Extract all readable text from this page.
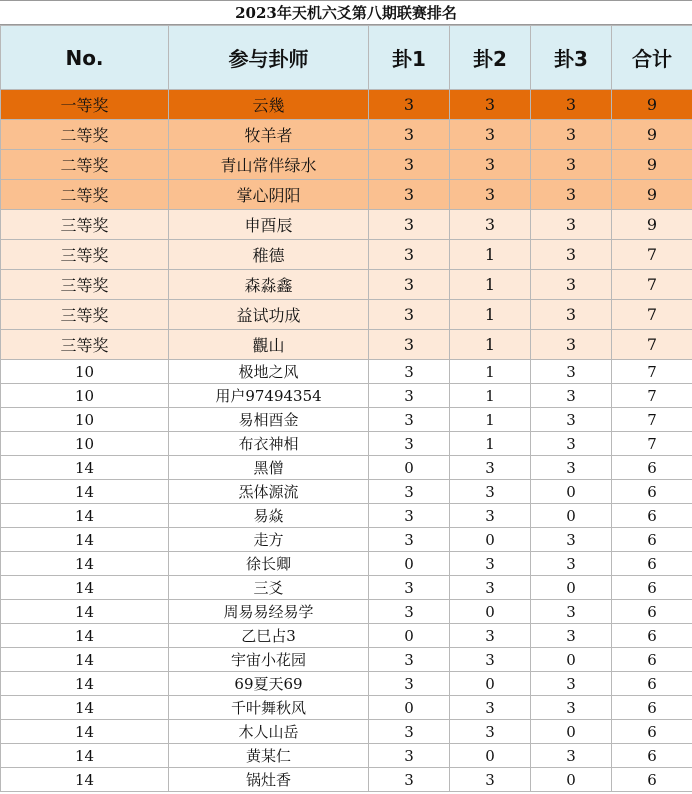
2023年天机六爻第八期联赛排名
No.	参与卦师	卦1	卦2	卦3	合计
一等奖	云幾	3	3	3	9
二等奖	牧羊者	3	3	3	9
二等奖	青山常伴绿水	3	3	3	9
二等奖	掌心阴阳	3	3	3	9
三等奖	申酉辰	3	3	3	9
三等奖	稚德	3	1	3	7
三等奖	森淼鑫	3	1	3	7
三等奖	益试功成	3	1	3	7
三等奖	觀山	3	1	3	7
10	极地之风	3	1	3	7
10	用户97494354	3	1	3	7
10	易相酉金	3	1	3	7
10	布衣神相	3	1	3	7
14	黑僧	0	3	3	6
14	炁体源流	3	3	0	6
14	易焱	3	3	0	6
14	走方	3	0	3	6
14	徐长卿	0	3	3	6
14	三爻	3	3	0	6
14	周易易经易学	3	0	3	6
14	乙巳占3	0	3	3	6
14	宇宙小花园	3	3	0	6
14	69夏天69	3	0	3	6
14	千叶舞秋风	0	3	3	6
14	木人山岳	3	3	0	6
14	黄某仁	3	0	3	6
14	锅灶香	3	3	0	6
